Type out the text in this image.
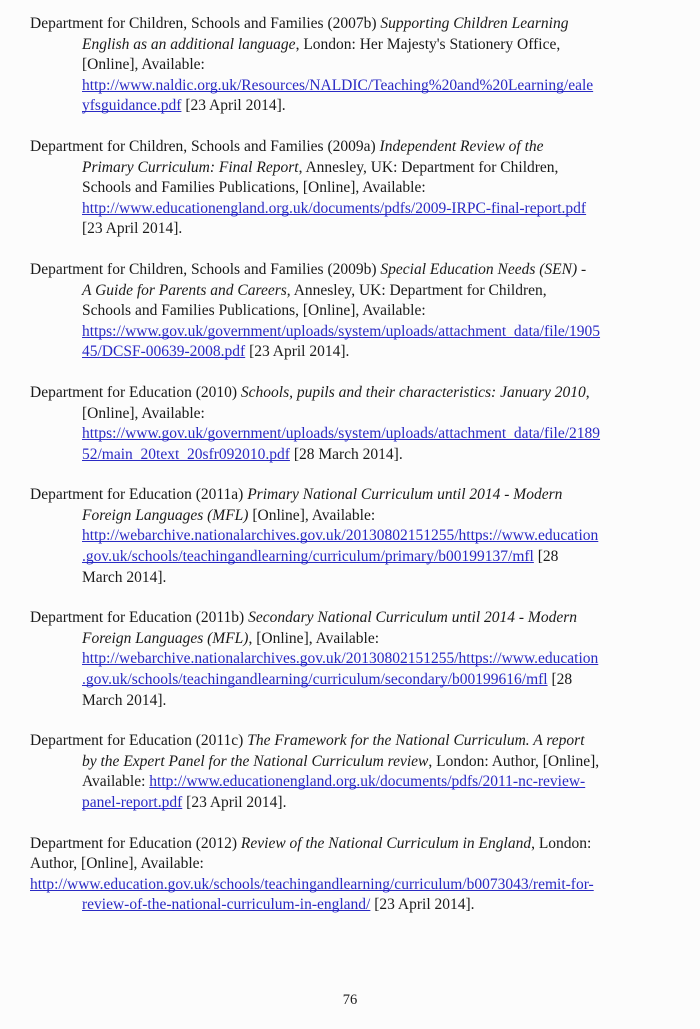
Department for Children, Schools and Families (2007b) Supporting Children Learning
English as an additional language, London: Her Majesty's Stationery Office,
[Online], Available:
http://www.naldic.org.uk/Resources/NALDIC/Teaching%20and%20Learning/eale
yfsguidance.pdf [23 April 2014].
Department for Children, Schools and Families (2009a) Independent Review of the
Primary Curriculum: Final Report, Annesley, UK: Department for Children,
Schools and Families Publications, [Online], Available:
http://www.educationengland.org.uk/documents/pdfs/2009-IRPC-final-report.pdf
[23 April 2014].
Department for Children, Schools and Families (2009b) Special Education Needs (SEN) -
A Guide for Parents and Careers, Annesley, UK: Department for Children,
Schools and Families Publications, [Online], Available:
https://www.gov.uk/government/uploads/system/uploads/attachment_data/file/1905
45/DCSF-00639-2008.pdf [23 April 2014].
Department for Education (2010) Schools, pupils and their characteristics: January 2010,
[Online], Available:
https://www.gov.uk/government/uploads/system/uploads/attachment_data/file/2189
52/main_20text_20sfr092010.pdf [28 March 2014].
Department for Education (2011a) Primary National Curriculum until 2014 - Modern
Foreign Languages (MFL) [Online], Available:
http://webarchive.nationalarchives.gov.uk/20130802151255/https://www.education
.gov.uk/schools/teachingandlearning/curriculum/primary/b00199137/mfl [28
March 2014].
Department for Education (2011b) Secondary National Curriculum until 2014 - Modern
Foreign Languages (MFL), [Online], Available:
http://webarchive.nationalarchives.gov.uk/20130802151255/https://www.education
.gov.uk/schools/teachingandlearning/curriculum/secondary/b00199616/mfl [28
March 2014].
Department for Education (2011c) The Framework for the National Curriculum. A report
by the Expert Panel for the National Curriculum review, London: Author, [Online],
Available: http://www.educationengland.org.uk/documents/pdfs/2011-nc-review-
panel-report.pdf [23 April 2014].
Department for Education (2012) Review of the National Curriculum in England, London:
Author, [Online], Available:
http://www.education.gov.uk/schools/teachingandlearning/curriculum/b0073043/remit-for-
review-of-the-national-curriculum-in-england/ [23 April 2014].
76
